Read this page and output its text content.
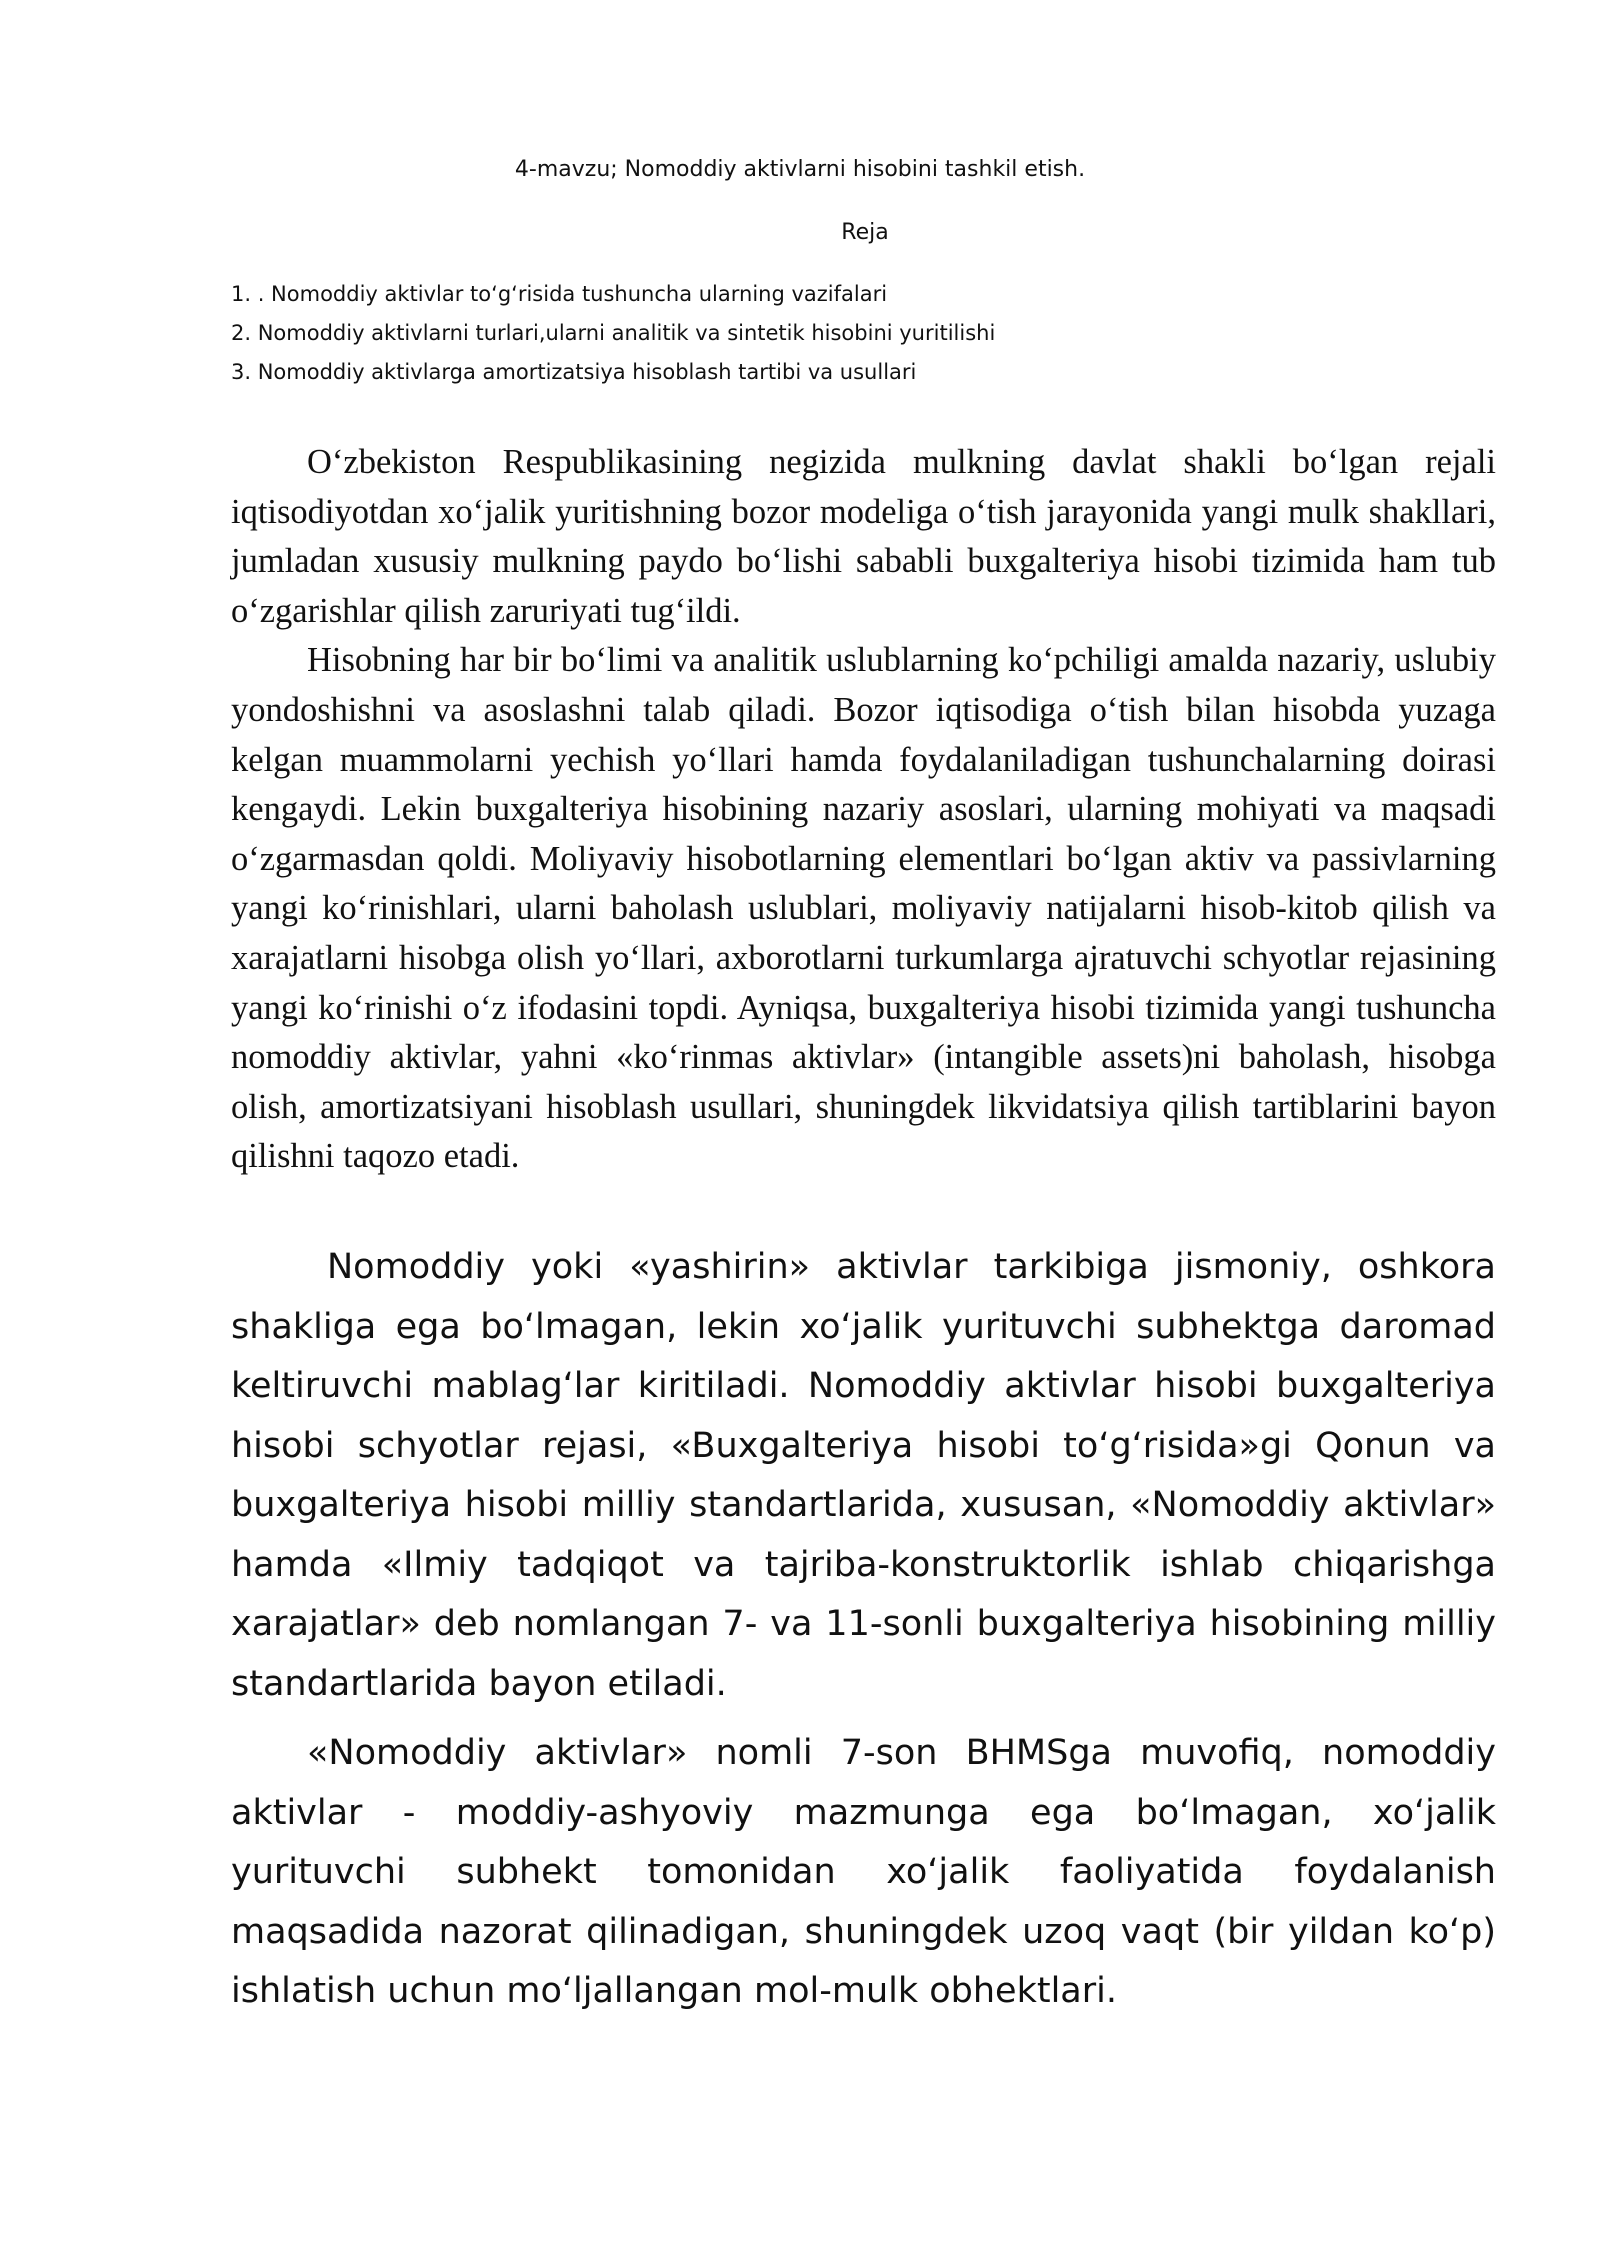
4-mavzu; Nomoddiy aktivlarni hisobini tashkil etish.
Reja
1. . Nomoddiy aktivlar to‘g‘risida tushuncha ularning vazifalari
2. Nomoddiy aktivlarni turlari,ularni analitik va sintetik hisobini yuritilishi
3. Nomoddiy aktivlarga amortizatsiya hisoblash tartibi va usullari

O‘zbekiston Respublikasining negizida mulkning davlat shakli bo‘lgan rejali iqtisodiyotdan xo‘jalik yuritishning bozor modeliga o‘tish jarayonida yangi mulk shakllari, jumladan xususiy mulkning paydo bo‘lishi sababli buxgalteriya hisobi tizimida ham tub o‘zgarishlar qilish zaruriyati tug‘ildi.

Hisobning har bir bo‘limi va analitik uslublarning ko‘pchiligi amalda nazariy, uslubiy yondoshishni va asoslashni talab qiladi. Bozor iqtisodiga o‘tish bilan hisobda yuzaga kelgan muammolarni yechish yo‘llari hamda foydalaniladigan tushunchalarning doirasi kengaydi. Lekin buxgalteriya hisobining nazariy asoslari, ularning mohiyati va maqsadi o‘zgarmasdan qoldi. Moliyaviy hisobotlarning elementlari bo‘lgan aktiv va passivlarning yangi ko‘rinishlari, ularni baholash uslublari, moliyaviy natijalarni hisob-kitob qilish va xarajatlarni hisobga olish yo‘llari, axborotlarni turkumlarga ajratuvchi schyotlar rejasining yangi ko‘rinishi o‘z ifodasini topdi. Ayniqsa, buxgalteriya hisobi tizimida yangi tushuncha nomoddiy aktivlar, yahni «ko‘rinmas aktivlar» (intangible assets)ni baholash, hisobga olish, amortizatsiyani hisoblash usullari, shuningdek likvidatsiya qilish tartiblarini bayon qilishni taqozo etadi.

Nomoddiy yoki «yashirin» aktivlar tarkibiga jismoniy, oshkora shakliga ega bo‘lmagan, lekin xo‘jalik yurituvchi subhektga daromad keltiruvchi mablag‘lar kiritiladi. Nomoddiy aktivlar hisobi buxgalteriya hisobi schyotlar rejasi, «Buxgalteriya hisobi to‘g‘risida»gi Qonun va buxgalteriya hisobi milliy standartlarida, xususan, «Nomoddiy aktivlar» hamda «Ilmiy tadqiqot va tajriba-konstruktorlik ishlab chiqarishga xarajatlar» deb nomlangan 7- va 11-sonli buxgalteriya hisobining milliy standartlarida bayon etiladi.

«Nomoddiy aktivlar» nomli 7-son BHMSga muvofiq, nomoddiy aktivlar - moddiy-ashyoviy mazmunga ega bo‘lmagan, xo‘jalik yurituvchi subhekt tomonidan xo‘jalik faoliyatida foydalanish maqsadida nazorat qilinadigan, shuningdek uzoq vaqt (bir yildan ko‘p) ishlatish uchun mo‘ljallangan mol-mulk obhektlari.
